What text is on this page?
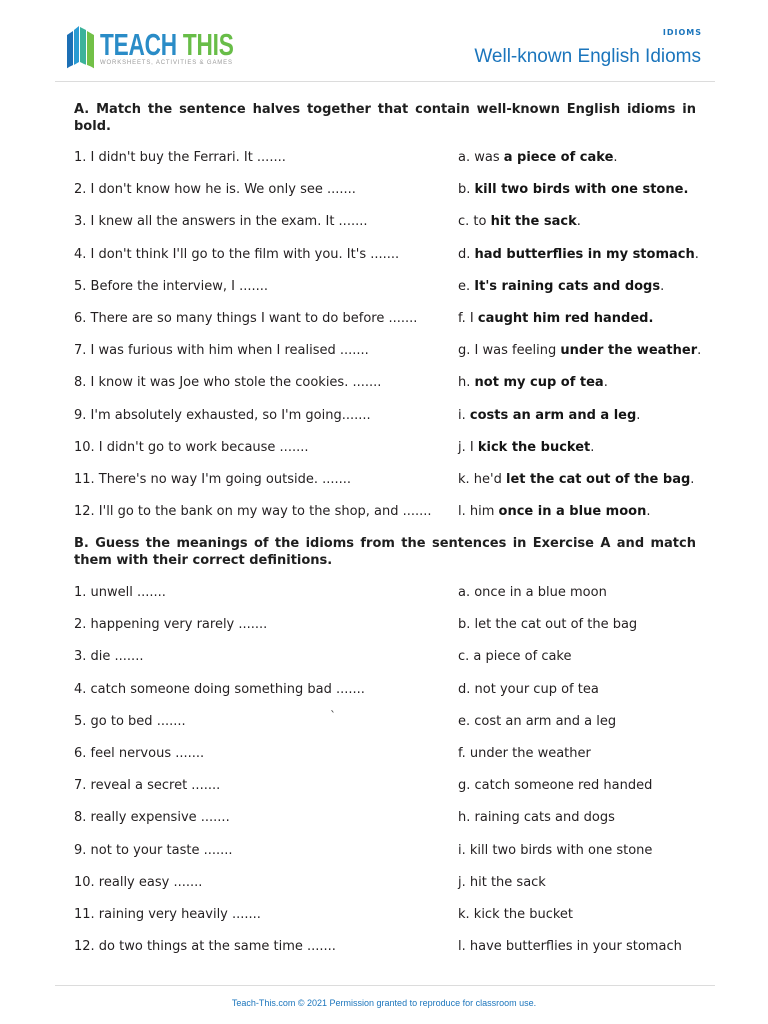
TEACH THIS
WORKSHEETS, ACTIVITIES & GAMES
IDIOMS
Well-known English Idioms
A. Match the sentence halves together that contain well-known English idioms in bold.
1. I didn't buy the Ferrari. It .......
2. I don't know how he is. We only see .......
3. I knew all the answers in the exam. It .......
4. I don't think I'll go to the film with you. It's .......
5. Before the interview, I .......
6. There are so many things I want to do before .......
7. I was furious with him when I realised .......
8. I know it was Joe who stole the cookies. .......
9. I'm absolutely exhausted, so I'm going.......
10. I didn't go to work because .......
11. There's no way I'm going outside. .......
12. I'll go to the bank on my way to the shop, and .......
a. was a piece of cake.
b. kill two birds with one stone.
c. to hit the sack.
d. had butterflies in my stomach.
e. It's raining cats and dogs.
f. I caught him red handed.
g. I was feeling under the weather.
h. not my cup of tea.
i. costs an arm and a leg.
j. I kick the bucket.
k. he'd let the cat out of the bag.
l. him once in a blue moon.
B. Guess the meanings of the idioms from the sentences in Exercise A and match them with their correct definitions.
1. unwell .......
2. happening very rarely .......
3. die .......
4. catch someone doing something bad .......
5. go to bed .......
6. feel nervous .......
7. reveal a secret .......
8. really expensive .......
9. not to your taste .......
10. really easy .......
11. raining very heavily .......
12. do two things at the same time .......
`
a. once in a blue moon
b. let the cat out of the bag
c. a piece of cake
d. not your cup of tea
e. cost an arm and a leg
f. under the weather
g. catch someone red handed
h. raining cats and dogs
i. kill two birds with one stone
j. hit the sack
k. kick the bucket
l. have butterflies in your stomach
Teach-This.com © 2021 Permission granted to reproduce for classroom use.
